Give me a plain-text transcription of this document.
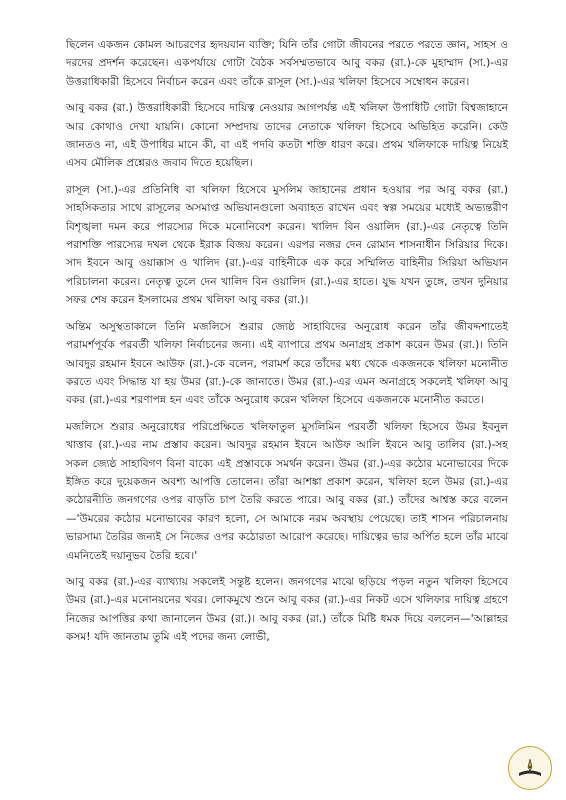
ছিলেন একজন কোমল আচরণের হৃদয়বান ব্যক্তি; যিনি তাঁর গোটা জীবনের পরতে পরতে জ্ঞান, সাহস ও দরদের প্রদর্শন করেছেন। একপর্যায়ে গোটা বৈঠক সর্বসম্মতভাবে আবু বকর (রা.)-কে মুহাম্মাদ (সা.)-এর উত্তরাধিকারী হিসেবে নির্বাচন করেন এবং তাঁকে রাসূল (সা.)-এর খলিফা হিসেবে সম্বোধন করেন।

আবু বকর (রা.) উত্তরাধিকারী হিসেবে দায়িত্ব নেওয়ার আগপর্যন্ত এই খলিফা উপাধিটি গোটা বিশ্বজাহানে আর কোথাও দেখা যায়নি। কোনো সম্প্রদায় তাদের নেতাকে খলিফা হিসেবে অভিহিত করেনি। কেউ জানতও না, এই উপাধির মানে কী, বা এই পদবি কতটা শক্তি ধারণ করে। প্রথম খলিফাকে দায়িত্ব নিয়েই এসব মৌলিক প্রশ্নেরও জবাব দিতে হয়েছিল।

রাসূল (সা.)-এর প্রতিনিধি বা খলিফা হিসেবে মুসলিম জাহানের প্রধান হওয়ার পর আবু বকর (রা.) সাহসিকতার সাথে রাসূলের অসমাপ্ত অভিযানগুলো অব্যাহত রাখেন এবং স্বল্প সময়ের মধ্যেই অভ্যন্তরীণ বিশৃঙ্খলা দমন করে পারস্যের দিকে মনোনিবেশ করেন। খালিদ বিন ওয়ালিদ (রা.)-এর নেতৃত্বে তিনি পরাশক্তি পারস্যের দখল থেকে ইরাক বিজয় করেন। এরপর নজর দেন রোমান শাসনাধীন সিরিয়ার দিকে। সাদ ইবনে আবু ওয়াক্কাস ও খালিদ (রা.)-এর বাহিনীকে এক করে সম্মিলিত বাহিনীর সিরিয়া অভিযান পরিচালনা করেন। নেতৃত্ব তুলে দেন খালিদ বিন ওয়ালিদ (রা.)-এর হাতে। যুদ্ধ যখন তুঙ্গে, তখন দুনিয়ার সফর শেষ করেন ইসলামের প্রথম খলিফা আবু বকর (রা.)।

অন্তিম অসুস্থতাকালে তিনি মজলিসে শুরার জ্যেষ্ঠ সাহাবিদের অনুরোধ করেন তাঁর জীবদ্দশাতেই পরামর্শপূর্বক পরবর্তী খলিফা নির্বাচনের জন্য। এই ব্যাপারে প্রথম অনাগ্রহ প্রকাশ করেন উমর (রা.)। তিনি আবদুর রহমান ইবনে আউফ (রা.)-কে বলেন, পরামর্শ করে তাঁদের মধ্য থেকে একজনকে খলিফা মনোনীত করতে এবং সিদ্ধান্ত যা হয় উমর (রা.)-কে জানাতে। উমর (রা.)-এর এমন অনাগ্রহে সকলেই খলিফা আবু বকর (রা.)-এর শরণাপন্ন হন এবং তাঁকে অনুরোধ করেন খলিফা হিসেবে একজনকে মনোনীত করতে।

মজলিসে শুরার অনুরোধের পরিপ্রেক্ষিতে খলিফাতুল মুসলিমিন পরবর্তী খলিফা হিসেবে উমর ইবনুল খাত্তাব (রা.)-এর নাম প্রস্তাব করেন। আবদুর রহমান ইবনে আউফ আলি ইবনে আবু তালিব (রা.)-সহ সকল জ্যেষ্ঠ সাহাবিগণ বিনা বাক্যে এই প্রস্তাবকে সমর্থন করেন। উমর (রা.)-এর কঠোর মনোভাবের দিকে ইঙ্গিত করে দুয়েকজন অবশ্য আপত্তি তোলেন। তাঁরা আশঙ্কা প্রকাশ করেন, খলিফা হলে উমর (রা.)-এর কঠোরনীতি জনগণের ওপর বাড়তি চাপ তৈরি করতে পারে। আবু বকর (রা.) তাঁদের আশ্বস্ত করে বলেন—'উমরের কঠোর মনোভাবের কারণ হলো, সে আমাকে নরম অবস্থায় পেয়েছে। তাই শাসন পরিচালনায় ভারসাম্য তৈরির জন্যই সে নিজের ওপর কঠোরতা আরোপ করেছে। দায়িত্বের ভার অর্পিত হলে তাঁর মাঝে এমনিতেই দয়ানুভব তৈরি হবে।'

আবু বকর (রা.)-এর ব্যাখ্যায় সকলেই সন্তুষ্ট হলেন। জনগণের মাঝে ছড়িয়ে পড়ল নতুন খলিফা হিসেবে উমর (রা.)-এর মনোনয়নের খবর। লোকমুখে শুনে আবু বকর (রা.)-এর নিকট এসে খলিফার দায়িত্ব গ্রহণে নিজের আপত্তির কথা জানালেন উমর (রা.)। আবু বকর (রা.) তাঁকে মিষ্টি ধমক দিয়ে বললেন—'আল্লাহর কসম! যদি জানতাম তুমি এই পদের জন্য লোভী,
